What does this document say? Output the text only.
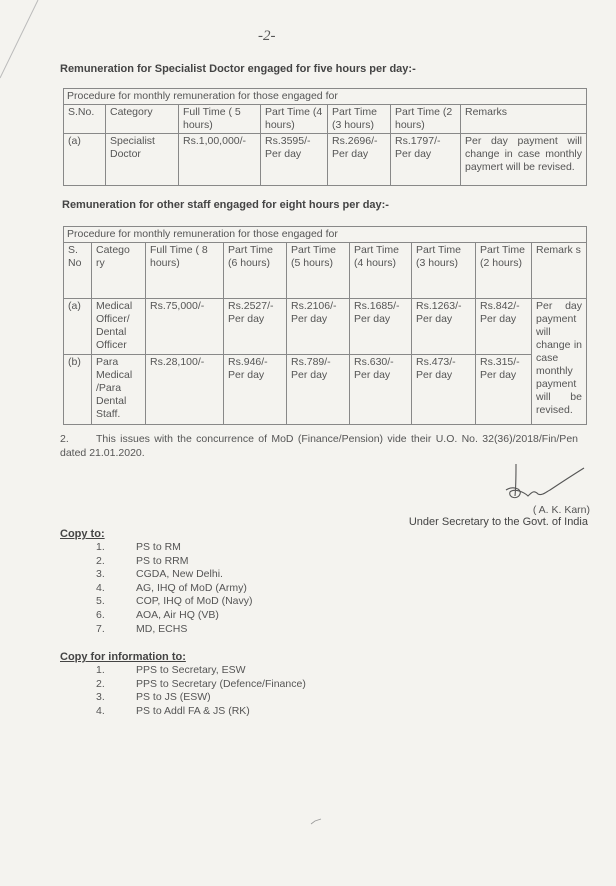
-2-
Remuneration for Specialist Doctor engaged for five hours per day:-
Procedure for monthly remuneration for those engaged for						
S.No.	Category	Full Time ( 5 hours)	Part Time (4 hours)	Part Time (3 hours)	Part Time (2 hours)	Remarks
(a)	Specialist Doctor	Rs.1,00,000/-	Rs.3595/- Per day	Rs.2696/- Per day	Rs.1797/- Per day	Per day payment will change in case monthly paymert will be revised.
Remuneration for other staff engaged for eight hours per day:-
Procedure for monthly remuneration for those engaged for								
S. No	Catego ry	Full Time ( 8 hours)	Part Time (6 hours)	Part Time (5 hours)	Part Time (4 hours)	Part Time (3 hours)	Part Time (2 hours)	Remark s
(a)	Medical Officer/ Dental Officer	Rs.75,000/-	Rs.2527/- Per day	Rs.2106/- Per day	Rs.1685/- Per day	Rs.1263/- Per day	Rs.842/- Per day	Per day payment will change in case monthly payment will be revised.
(b)	Para Medical /Para Dental Staff.	Rs.28,100/-	Rs.946/- Per day	Rs.789/- Per day	Rs.630/- Per day	Rs.473/- Per day	Rs.315/- Per day	
2.	This issues with the concurrence of MoD (Finance/Pension) vide their U.O. No. 32(36)/2018/Fin/Pen dated 21.01.2020.
( A. K. Karn)
Under Secretary to the Govt. of India
Copy to:
1.	PS to RM
2.	PS to RRM
3.	CGDA, New Delhi.
4.	AG, IHQ of MoD (Army)
5.	COP, IHQ of MoD (Navy)
6.	AOA, Air HQ (VB)
7.	MD, ECHS
Copy for information to:
1.	PPS to Secretary, ESW
2.	PPS to Secretary (Defence/Finance)
3.	PS to JS (ESW)
4.	PS to Addl FA & JS (RK)
